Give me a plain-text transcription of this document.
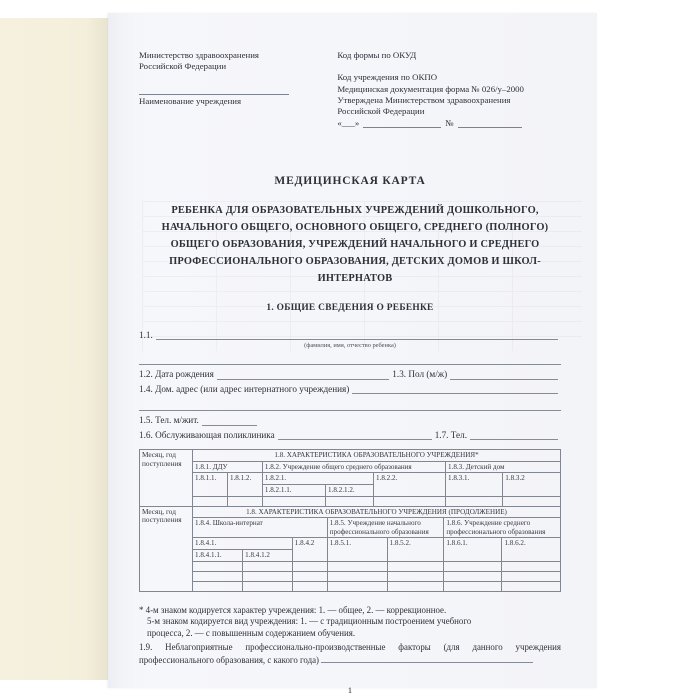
Министерство здравоохранения
Российской Федерации
Наименование учреждения
Код формы по ОКУД
Код учреждения по ОКПО
Медицинская документация форма № 026/у–2000
Утверждена Министерством здравоохранения
Российской Федерации
«___»	№
МЕДИЦИНСКАЯ КАРТА
РЕБЕНКА ДЛЯ ОБРАЗОВАТЕЛЬНЫХ УЧРЕЖДЕНИЙ ДОШКОЛЬНОГО, НАЧАЛЬНОГО ОБЩЕГО, ОСНОВНОГО ОБЩЕГО, СРЕДНЕГО (ПОЛНОГО) ОБЩЕГО ОБРАЗОВАНИЯ, УЧРЕЖДЕНИЙ НАЧАЛЬНОГО И СРЕДНЕГО ПРОФЕССИОНАЛЬНОГО ОБРАЗОВАНИЯ, ДЕТСКИХ ДОМОВ И ШКОЛ-ИНТЕРНАТОВ
1. ОБЩИЕ СВЕДЕНИЯ О РЕБЕНКЕ
1.1.
(фамилия, имя, отчество ребенка)
1.2. Дата рождения	1.3. Пол (м/ж)
1.4. Дом. адрес (или адрес интернатного учреждения)
1.5. Тел. м/жит.
1.6. Обслуживающая поликлиника	1.7. Тел.
Месяц, год поступления	1.8. ХАРАКТЕРИСТИКА ОБРАЗОВАТЕЛЬНОГО УЧРЕЖДЕНИЯ*						
	1.8.1. ДДУ		1.8.2. Учреждение общего среднего образования			1.8.3. Детский дом	
	1.8.1.1.	1.8.1.2.	1.8.2.1.		1.8.2.2.	1.8.3.1.	1.8.3.2
			1.8.2.1.1.	1.8.2.1.2.			

Месяц, год поступления	1.8. ХАРАКТЕРИСТИКА ОБРАЗОВАТЕЛЬНОГО УЧРЕЖДЕНИЯ (ПРОДОЛЖЕНИЕ)						
	1.8.4. Школа-интернат			1.8.5. Учреждение начального профессионального образования		1.8.6. Учреждение среднего профессионального образования	
	1.8.4.1.		1.8.4.2	1.8.5.1.	1.8.5.2.	1.8.6.1.	1.8.6.2.
	1.8.4.1.1.	1.8.4.1.2					

* 4-м знаком кодируется характер учреждения: 1. — общее, 2. — коррекционное.
5-м знаком кодируется вид учреждения: 1. — с традиционным построением учебного
процесса, 2. — с повышенным содержанием обучения.
1.9. Неблагоприятные профессионально-производственные факторы (для данного учреждения профессионального образования, с какого года)
1
